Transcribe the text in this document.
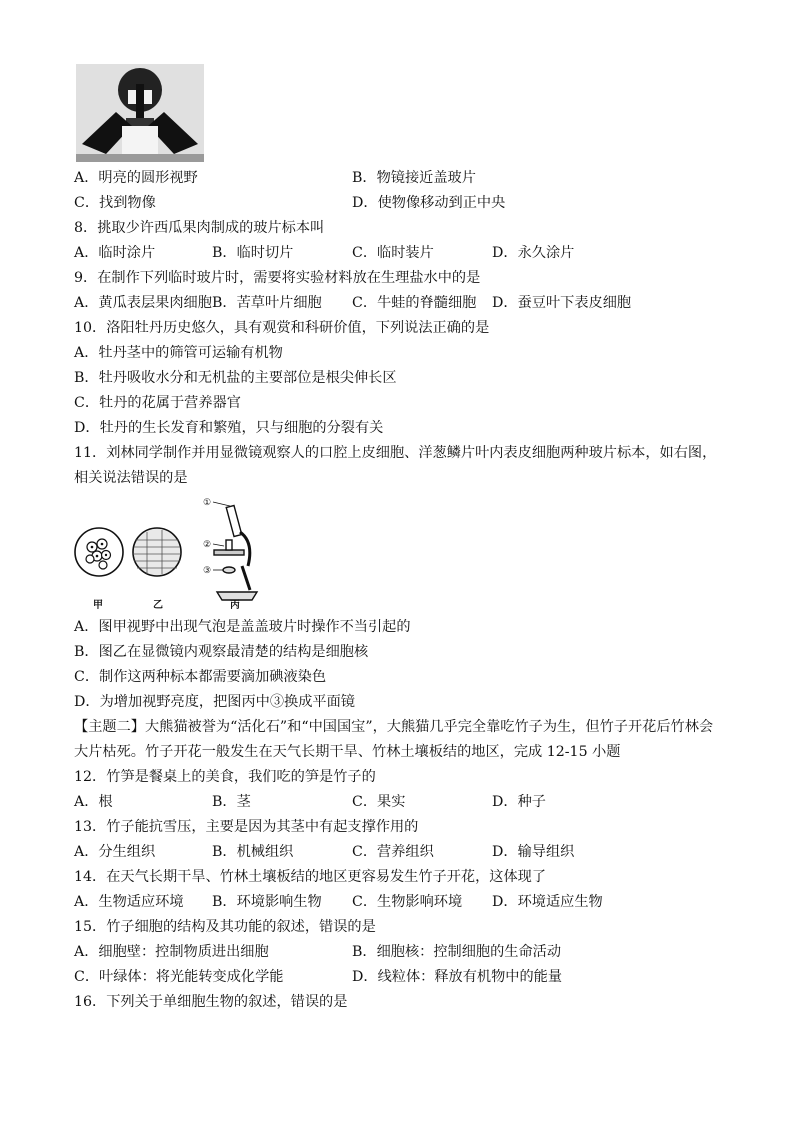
A．明亮的圆形视野	B．物镜接近盖玻片
C．找到物像	D．使物像移动到正中央
8．挑取少许西瓜果肉制成的玻片标本叫
A．临时涂片	B．临时切片	C．临时装片	D．永久涂片
9．在制作下列临时玻片时，需要将实验材料放在生理盐水中的是
A．黄瓜表层果肉细胞 B．苦草叶片细胞 C．牛蛙的脊髓细胞 D．蚕豆叶下表皮细胞
10．洛阳牡丹历史悠久，具有观赏和科研价值，下列说法正确的是
A．牡丹茎中的筛管可运输有机物
B．牡丹吸收水分和无机盐的主要部位是根尖伸长区
C．牡丹的花属于营养器官
D．牡丹的生长发育和繁殖，只与细胞的分裂有关
11．刘林同学制作并用显微镜观察人的口腔上皮细胞、洋葱鳞片叶内表皮细胞两种玻片标本，如右图，相关说法错误的是
①
②
③
甲	乙	丙
A．图甲视野中出现气泡是盖盖玻片时操作不当引起的
B．图乙在显微镜内观察最清楚的结构是细胞核
C．制作这两种标本都需要滴加碘液染色
D．为增加视野亮度，把图丙中③换成平面镜
【主题二】大熊猫被誉为“活化石”和“中国国宝”，大熊猫几乎完全靠吃竹子为生，但竹子开花后竹林会大片枯死。竹子开花一般发生在天气长期干旱、竹林土壤板结的地区，完成 12-15 小题
12．竹笋是餐桌上的美食，我们吃的笋是竹子的
A．根	B．茎	C．果实	D．种子
13．竹子能抗雪压，主要是因为其茎中有起支撑作用的
A．分生组织	B．机械组织	C．营养组织	D．输导组织
14．在天气长期干旱、竹林土壤板结的地区更容易发生竹子开花，这体现了
A．生物适应环境 B．环境影响生物 C．生物影响环境 D．环境适应生物
15．竹子细胞的结构及其功能的叙述，错误的是
A．细胞壁：控制物质进出细胞	B．细胞核：控制细胞的生命活动
C．叶绿体：将光能转变成化学能	D．线粒体：释放有机物中的能量
16．下列关于单细胞生物的叙述，错误的是
